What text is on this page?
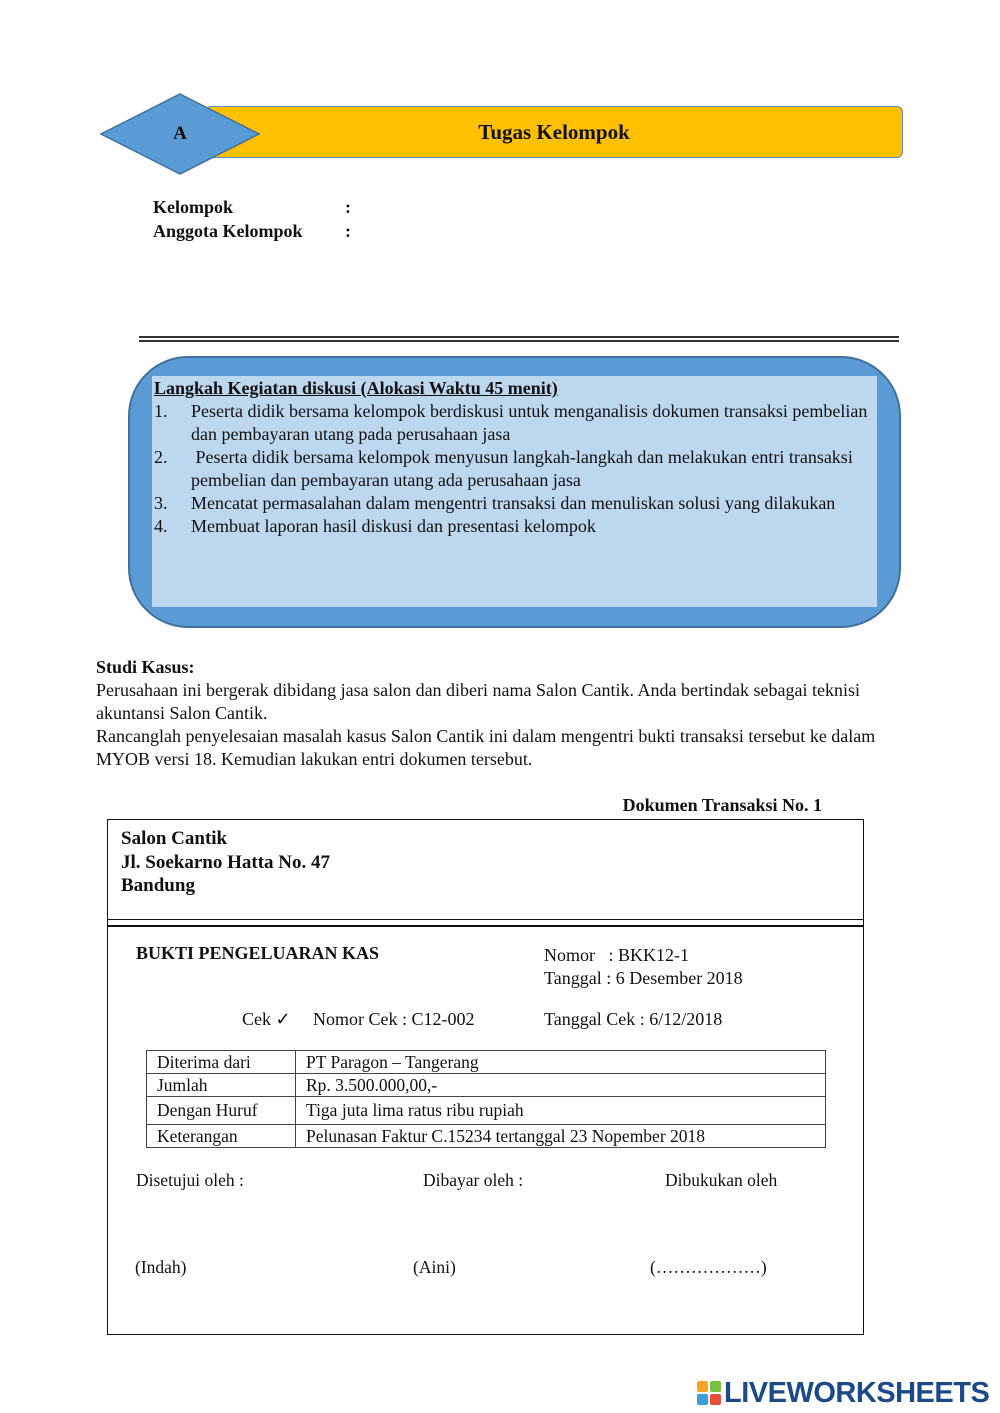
Tugas Kelompok
A
Kelompok	:
Anggota Kelompok	:
Langkah Kegiatan diskusi (Alokasi Waktu 45 menit)
1.	Peserta didik bersama kelompok berdiskusi untuk menganalisis dokumen transaksi pembelian dan pembayaran utang pada perusahaan jasa
2.	Peserta didik bersama kelompok menyusun langkah-langkah dan melakukan entri transaksi pembelian dan pembayaran utang ada perusahaan jasa
3.	Mencatat permasalahan dalam mengentri transaksi dan menuliskan solusi yang dilakukan
4.	Membuat laporan hasil diskusi dan presentasi kelompok
Studi Kasus:
Perusahaan ini bergerak dibidang jasa salon dan diberi nama Salon Cantik. Anda bertindak sebagai teknisi akuntansi Salon Cantik.
Rancanglah penyelesaian masalah kasus Salon Cantik ini dalam mengentri bukti transaksi tersebut ke dalam MYOB versi 18. Kemudian lakukan entri dokumen tersebut.
Dokumen Transaksi No. 1
Salon Cantik
Jl. Soekarno Hatta No. 47
Bandung
BUKTI PENGELUARAN KAS	Nomor   : BKK12-1
Tanggal : 6 Desember 2018
Cek ✓ Nomor Cek : C12-002	Tanggal Cek : 6/12/2018
Diterima dari	PT Paragon – Tangerang
Jumlah	Rp. 3.500.000,00,-
Dengan Huruf	Tiga juta lima ratus ribu rupiah
Keterangan	Pelunasan Faktur C.15234 tertanggal 23 Nopember 2018
Disetujui oleh :	Dibayar oleh :	Dibukukan oleh
(Indah)	(Aini)	(………………)
LIVEWORKSHEETS
